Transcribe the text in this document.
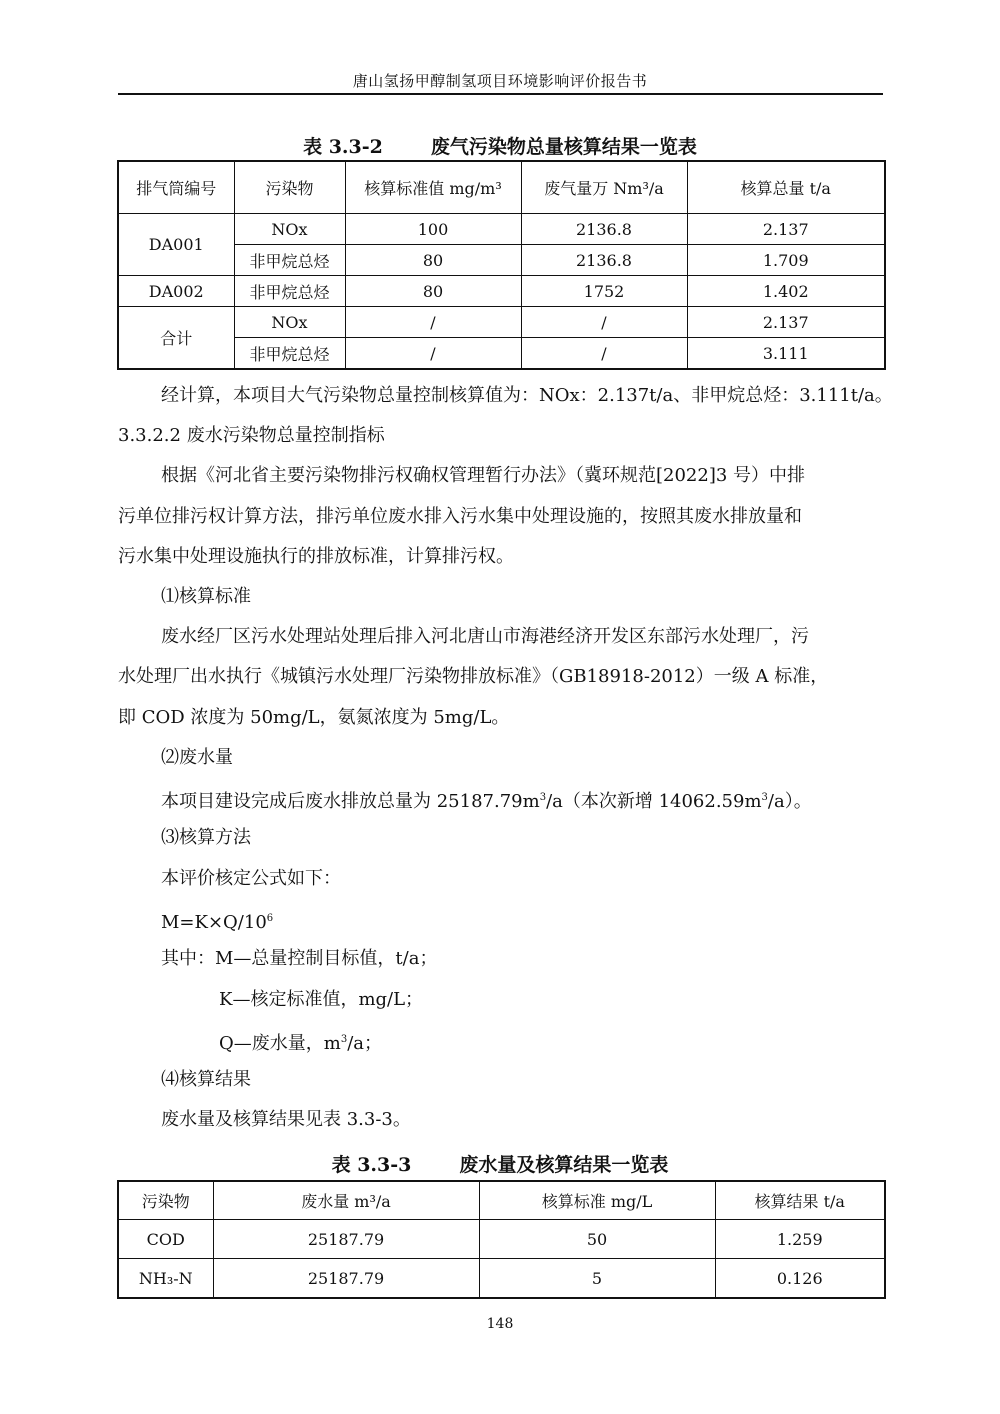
唐山氢扬甲醇制氢项目环境影响评价报告书
表 3.3-2	废气污染物总量核算结果一览表
排气筒编号	污染物	核算标准值 mg/m³	废气量万 Nm³/a	核算总量 t/a
DA001	NOx	100	2136.8	2.137
	非甲烷总烃	80	2136.8	1.709
DA002	非甲烷总烃	80	1752	1.402
合计	NOx	/	/	2.137
	非甲烷总烃	/	/	3.111
经计算，本项目大气污染物总量控制核算值为：NOx：2.137t/a、非甲烷总烃：3.111t/a。
3.3.2.2 废水污染物总量控制指标
根据《河北省主要污染物排污权确权管理暂行办法》（冀环规范[2022]3 号）中排
污单位排污权计算方法，排污单位废水排入污水集中处理设施的，按照其废水排放量和
污水集中处理设施执行的排放标准，计算排污权。
⑴核算标准
废水经厂区污水处理站处理后排入河北唐山市海港经济开发区东部污水处理厂，污
水处理厂出水执行《城镇污水处理厂污染物排放标准》（GB18918-2012）一级 A 标准，
即 COD 浓度为 50mg/L，氨氮浓度为 5mg/L。
⑵废水量
本项目建设完成后废水排放总量为 $25187.79m^3/a$（本次新增 $14062.59m^3/a$）。
⑶核算方法
本评价核定公式如下：
$M=K\times Q/10^6$
其中：M—总量控制目标值，t/a；
K—核定标准值，mg/L；
Q—废水量，$m^3/a$；
⑷核算结果
废水量及核算结果见表 3.3-3。
表 3.3-3	废水量及核算结果一览表
污染物	废水量 m³/a	核算标准 mg/L	核算结果 t/a
COD	25187.79	50	1.259
NH₃-N	25187.79	5	0.126
148
